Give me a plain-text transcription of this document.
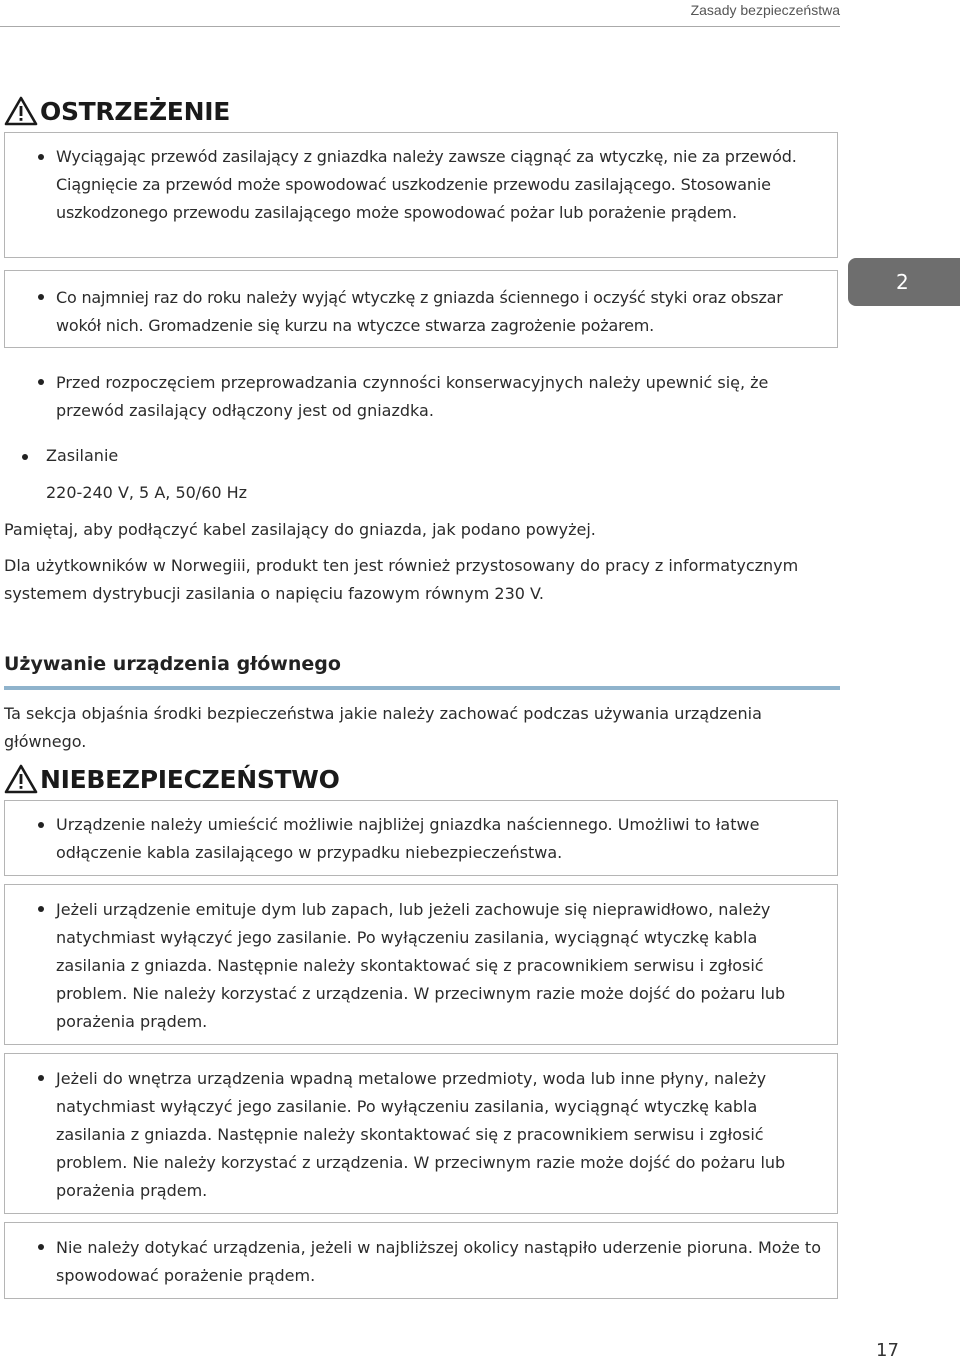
Zasady bezpieczeństwa
2
OSTRZEŻENIE
Wyciągając przewód zasilający z gniazdka należy zawsze ciągnąć za wtyczkę, nie za przewód. Ciągnięcie za przewód może spowodować uszkodzenie przewodu zasilającego. Stosowanie uszkodzonego przewodu zasilającego może spowodować pożar lub porażenie prądem.
Co najmniej raz do roku należy wyjąć wtyczkę z gniazda ściennego i oczyść styki oraz obszar wokół nich. Gromadzenie się kurzu na wtyczce stwarza zagrożenie pożarem.
Przed rozpoczęciem przeprowadzania czynności konserwacyjnych należy upewnić się, że przewód zasilający odłączony jest od gniazdka.
Zasilanie
220-240 V, 5 A, 50/60 Hz
Pamiętaj, aby podłączyć kabel zasilający do gniazda, jak podano powyżej.
Dla użytkowników w Norwegiii, produkt ten jest również przystosowany do pracy z informatycznym systemem dystrybucji zasilania o napięciu fazowym równym 230 V.
Używanie urządzenia głównego
Ta sekcja objaśnia środki bezpieczeństwa jakie należy zachować podczas używania urządzenia głównego.
NIEBEZPIECZEŃSTWO
Urządzenie należy umieścić możliwie najbliżej gniazdka naściennego. Umożliwi to łatwe odłączenie kabla zasilającego w przypadku niebezpieczeństwa.
Jeżeli urządzenie emituje dym lub zapach, lub jeżeli zachowuje się nieprawidłowo, należy natychmiast wyłączyć jego zasilanie. Po wyłączeniu zasilania, wyciągnąć wtyczkę kabla zasilania z gniazda. Następnie należy skontaktować się z pracownikiem serwisu i zgłosić problem. Nie należy korzystać z urządzenia. W przeciwnym razie może dojść do pożaru lub porażenia prądem.
Jeżeli do wnętrza urządzenia wpadną metalowe przedmioty, woda lub inne płyny, należy natychmiast wyłączyć jego zasilanie. Po wyłączeniu zasilania, wyciągnąć wtyczkę kabla zasilania z gniazda. Następnie należy skontaktować się z pracownikiem serwisu i zgłosić problem. Nie należy korzystać z urządzenia. W przeciwnym razie może dojść do pożaru lub porażenia prądem.
Nie należy dotykać urządzenia, jeżeli w najbliższej okolicy nastąpiło uderzenie pioruna. Może to spowodować porażenie prądem.
17
